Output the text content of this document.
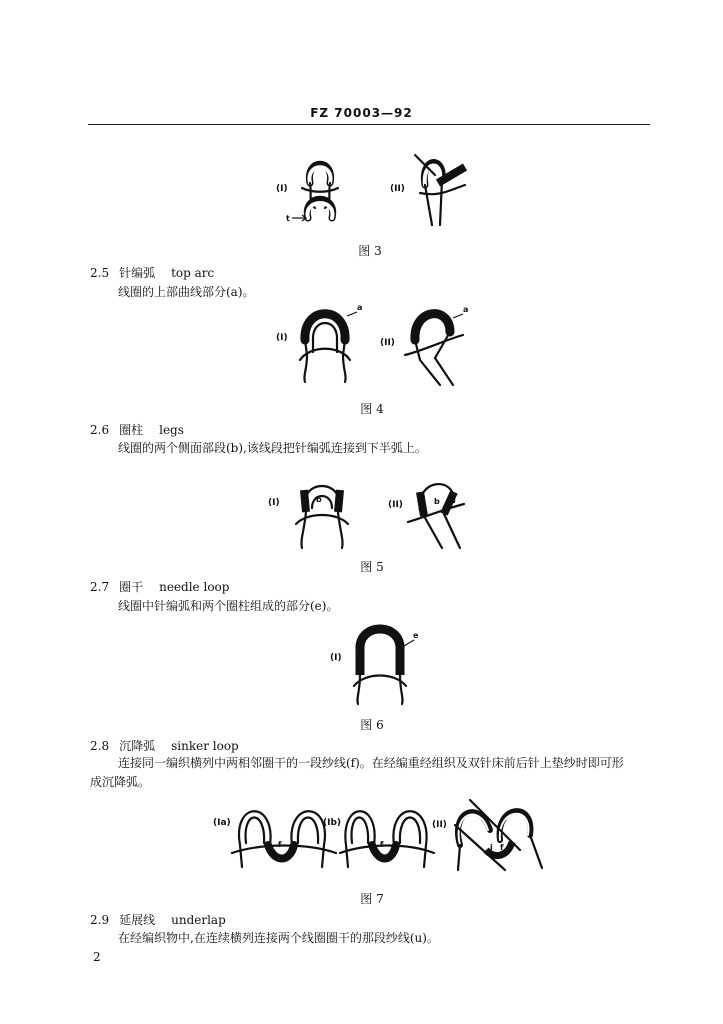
FZ 70003—92
(I)
t
(II)
t
图 3
2.5 针编弧 top arc
线圈的上部曲线部分(a)。
(I)
a
(II)
a
图 4
2.6 圈柱 legs
线圈的两个侧面部段(b),该线段把针编弧连接到下半弧上。
(I)	b
(II)	b
图 5
2.7 圈干 needle loop
线圈中针编弧和两个圈柱组成的部分(e)。
(I)
e
图 6
2.8 沉降弧 sinker loop
连接同一编织横列中两相邻圈干的一段纱线(f)。在经编重经组织及双针床前后针上垫纱时即可形
成沉降弧。
(Ia)
f
(Ib)
f
(II)
i f
图 7
2.9 延展线 underlap
在经编织物中,在连续横列连接两个线圈圈干的那段纱线(u)。
2
